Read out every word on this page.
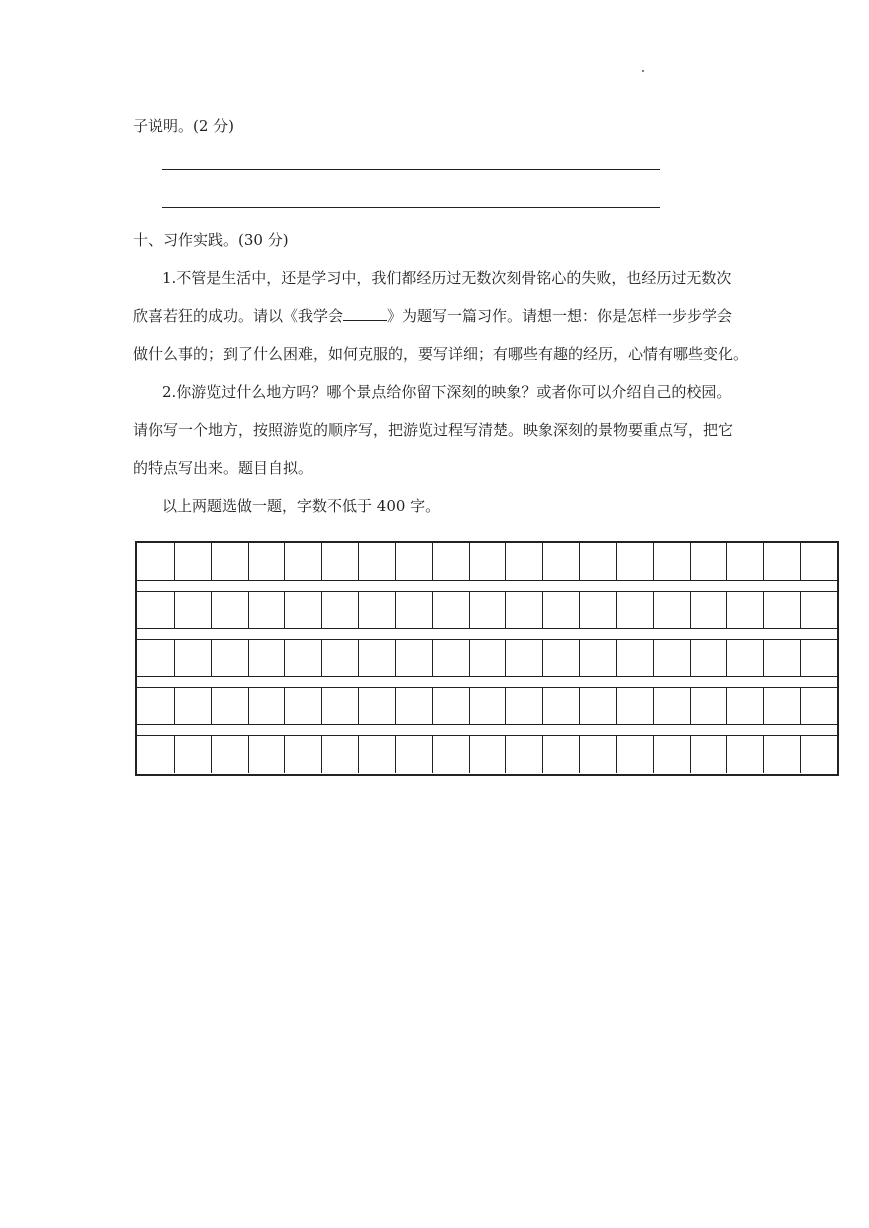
子说明。(2 分)
十、习作实践。(30 分)
1.不管是生活中，还是学习中，我们都经历过无数次刻骨铭心的失败，也经历过无数次
欣喜若狂的成功。请以《我学会	》为题写一篇习作。请想一想：你是怎样一步步学会
做什么事的；到了什么困难，如何克服的，要写详细；有哪些有趣的经历，心情有哪些变化。
2.你游览过什么地方吗？哪个景点给你留下深刻的映象？或者你可以介绍自己的校园。
请你写一个地方，按照游览的顺序写，把游览过程写清楚。映象深刻的景物要重点写，把它
的特点写出来。题目自拟。
以上两题选做一题，字数不低于 400 字。
